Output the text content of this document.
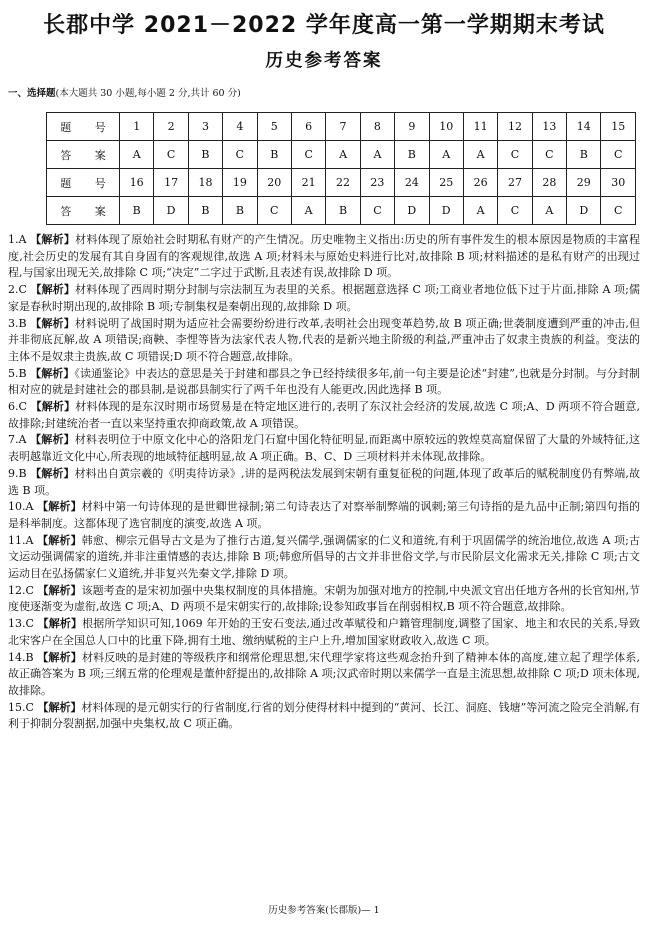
长郡中学 2021－2022 学年度高一第一学期期末考试
历史参考答案
一、选择题(本大题共 30 小题,每小题 2 分,共计 60 分)
题 号	1	2	3	4	5	6	7	8	9	10	11	12	13	14	15
答 案	A	C	B	C	B	C	A	A	B	A	A	C	C	B	C
题 号	16	17	18	19	20	21	22	23	24	25	26	27	28	29	30
答 案	B	D	B	B	C	A	B	C	D	D	A	C	A	D	C

1.A 【解析】材料体现了原始社会时期私有财产的产生情况。历史唯物主义指出:历史的所有事件发生的根本原因是物质的丰富程度,社会历史的发展有其自身固有的客观规律,故选 A 项;材料未与原始史料进行比对,故排除 B 项;材料描述的是私有财产的出现过程,与国家出现无关,故排除 C 项;“决定”二字过于武断,且表述有误,故排除 D 项。

2.C 【解析】材料体现了西周时期分封制与宗法制互为表里的关系。根据题意选择 C 项;工商业者地位低下过于片面,排除 A 项;儒家是春秋时期出现的,故排除 B 项;专制集权是秦朝出现的,故排除 D 项。

3.B 【解析】材料说明了战国时期为适应社会需要纷纷进行改革,表明社会出现变革趋势,故 B 项正确;世袭制度遭到严重的冲击,但并非彻底瓦解,故 A 项错误;商鞅、李悝等皆为法家代表人物,代表的是新兴地主阶级的利益,严重冲击了奴隶主贵族的利益。变法的主体不是奴隶主贵族,故 C 项错误;D 项不符合题意,故排除。

5.B 【解析】《读通鉴论》中表达的意思是关于封建和郡县之争已经持续很多年,前一句主要是论述“封建”,也就是分封制。与分封制相对应的就是封建社会的郡县制,是说郡县制实行了两千年也没有人能更改,因此选择 B 项。

6.C 【解析】材料体现的是东汉时期市场贸易是在特定地区进行的,表明了东汉社会经济的发展,故选 C 项;A、D 两项不符合题意,故排除;封建统治者一直以来坚持重农抑商政策,故 A 项错误。

7.A 【解析】材料表明位于中原文化中心的洛阳龙门石窟中国化特征明显,而距离中原较远的敦煌莫高窟保留了大量的外域特征,这表明越靠近文化中心,所表现的地域特征越明显,故 A 项正确。B、C、D 三项材料并未体现,故排除。

9.B 【解析】材料出自黄宗羲的《明夷待访录》,讲的是两税法发展到宋朝有重复征税的问题,体现了政革后的赋税制度仍有弊端,故选 B 项。

10.A 【解析】材料中第一句诗体现的是世卿世禄制;第二句诗表达了对察举制弊端的讽刺;第三句诗指的是九品中正制;第四句指的是科举制度。这都体现了选官制度的演变,故选 A 项。

11.A 【解析】韩愈、柳宗元倡导古文是为了推行古道,复兴儒学,强调儒家的仁义和道统,有利于巩固儒学的统治地位,故选 A 项;古文运动强调儒家的道统,并非注重情感的表达,排除 B 项;韩愈所倡导的古文并非世俗文学,与市民阶层文化需求无关,排除 C 项;古文运动目在弘扬儒家仁义道统,并非复兴先秦文学,排除 D 项。

12.C 【解析】该题考查的是宋初加强中央集权制度的具体措施。宋朝为加强对地方的控制,中央派文官出任地方各州的长官知州,节度使逐渐变为虚衔,故选 C 项;A、D 两项不是宋朝实行的,故排除;设参知政事旨在削弱相权,B 项不符合题意,故排除。

13.C 【解析】根据所学知识可知,1069 年开始的王安石变法,通过改革赋役和户籍管理制度,调整了国家、地主和农民的关系,导致北宋客户在全国总人口中的比重下降,拥有土地、缴纳赋税的主户上升,增加国家财政收入,故选 C 项。

14.B 【解析】材料反映的是封建的等级秩序和纲常伦理思想,宋代理学家将这些观念抬升到了精神本体的高度,建立起了理学体系,故正确答案为 B 项;三纲五常的伦理观是董仲舒提出的,故排除 A 项;汉武帝时期以来儒学一直是主流思想,故排除 C 项;D 项未体现,故排除。

15.C 【解析】材料体现的是元朝实行的行省制度,行省的划分使得材料中提到的“黄河、长江、洞庭、钱塘”等河流之险完全消解,有利于抑制分裂割据,加强中央集权,故 C 项正确。

历史参考答案(长郡版)— 1
